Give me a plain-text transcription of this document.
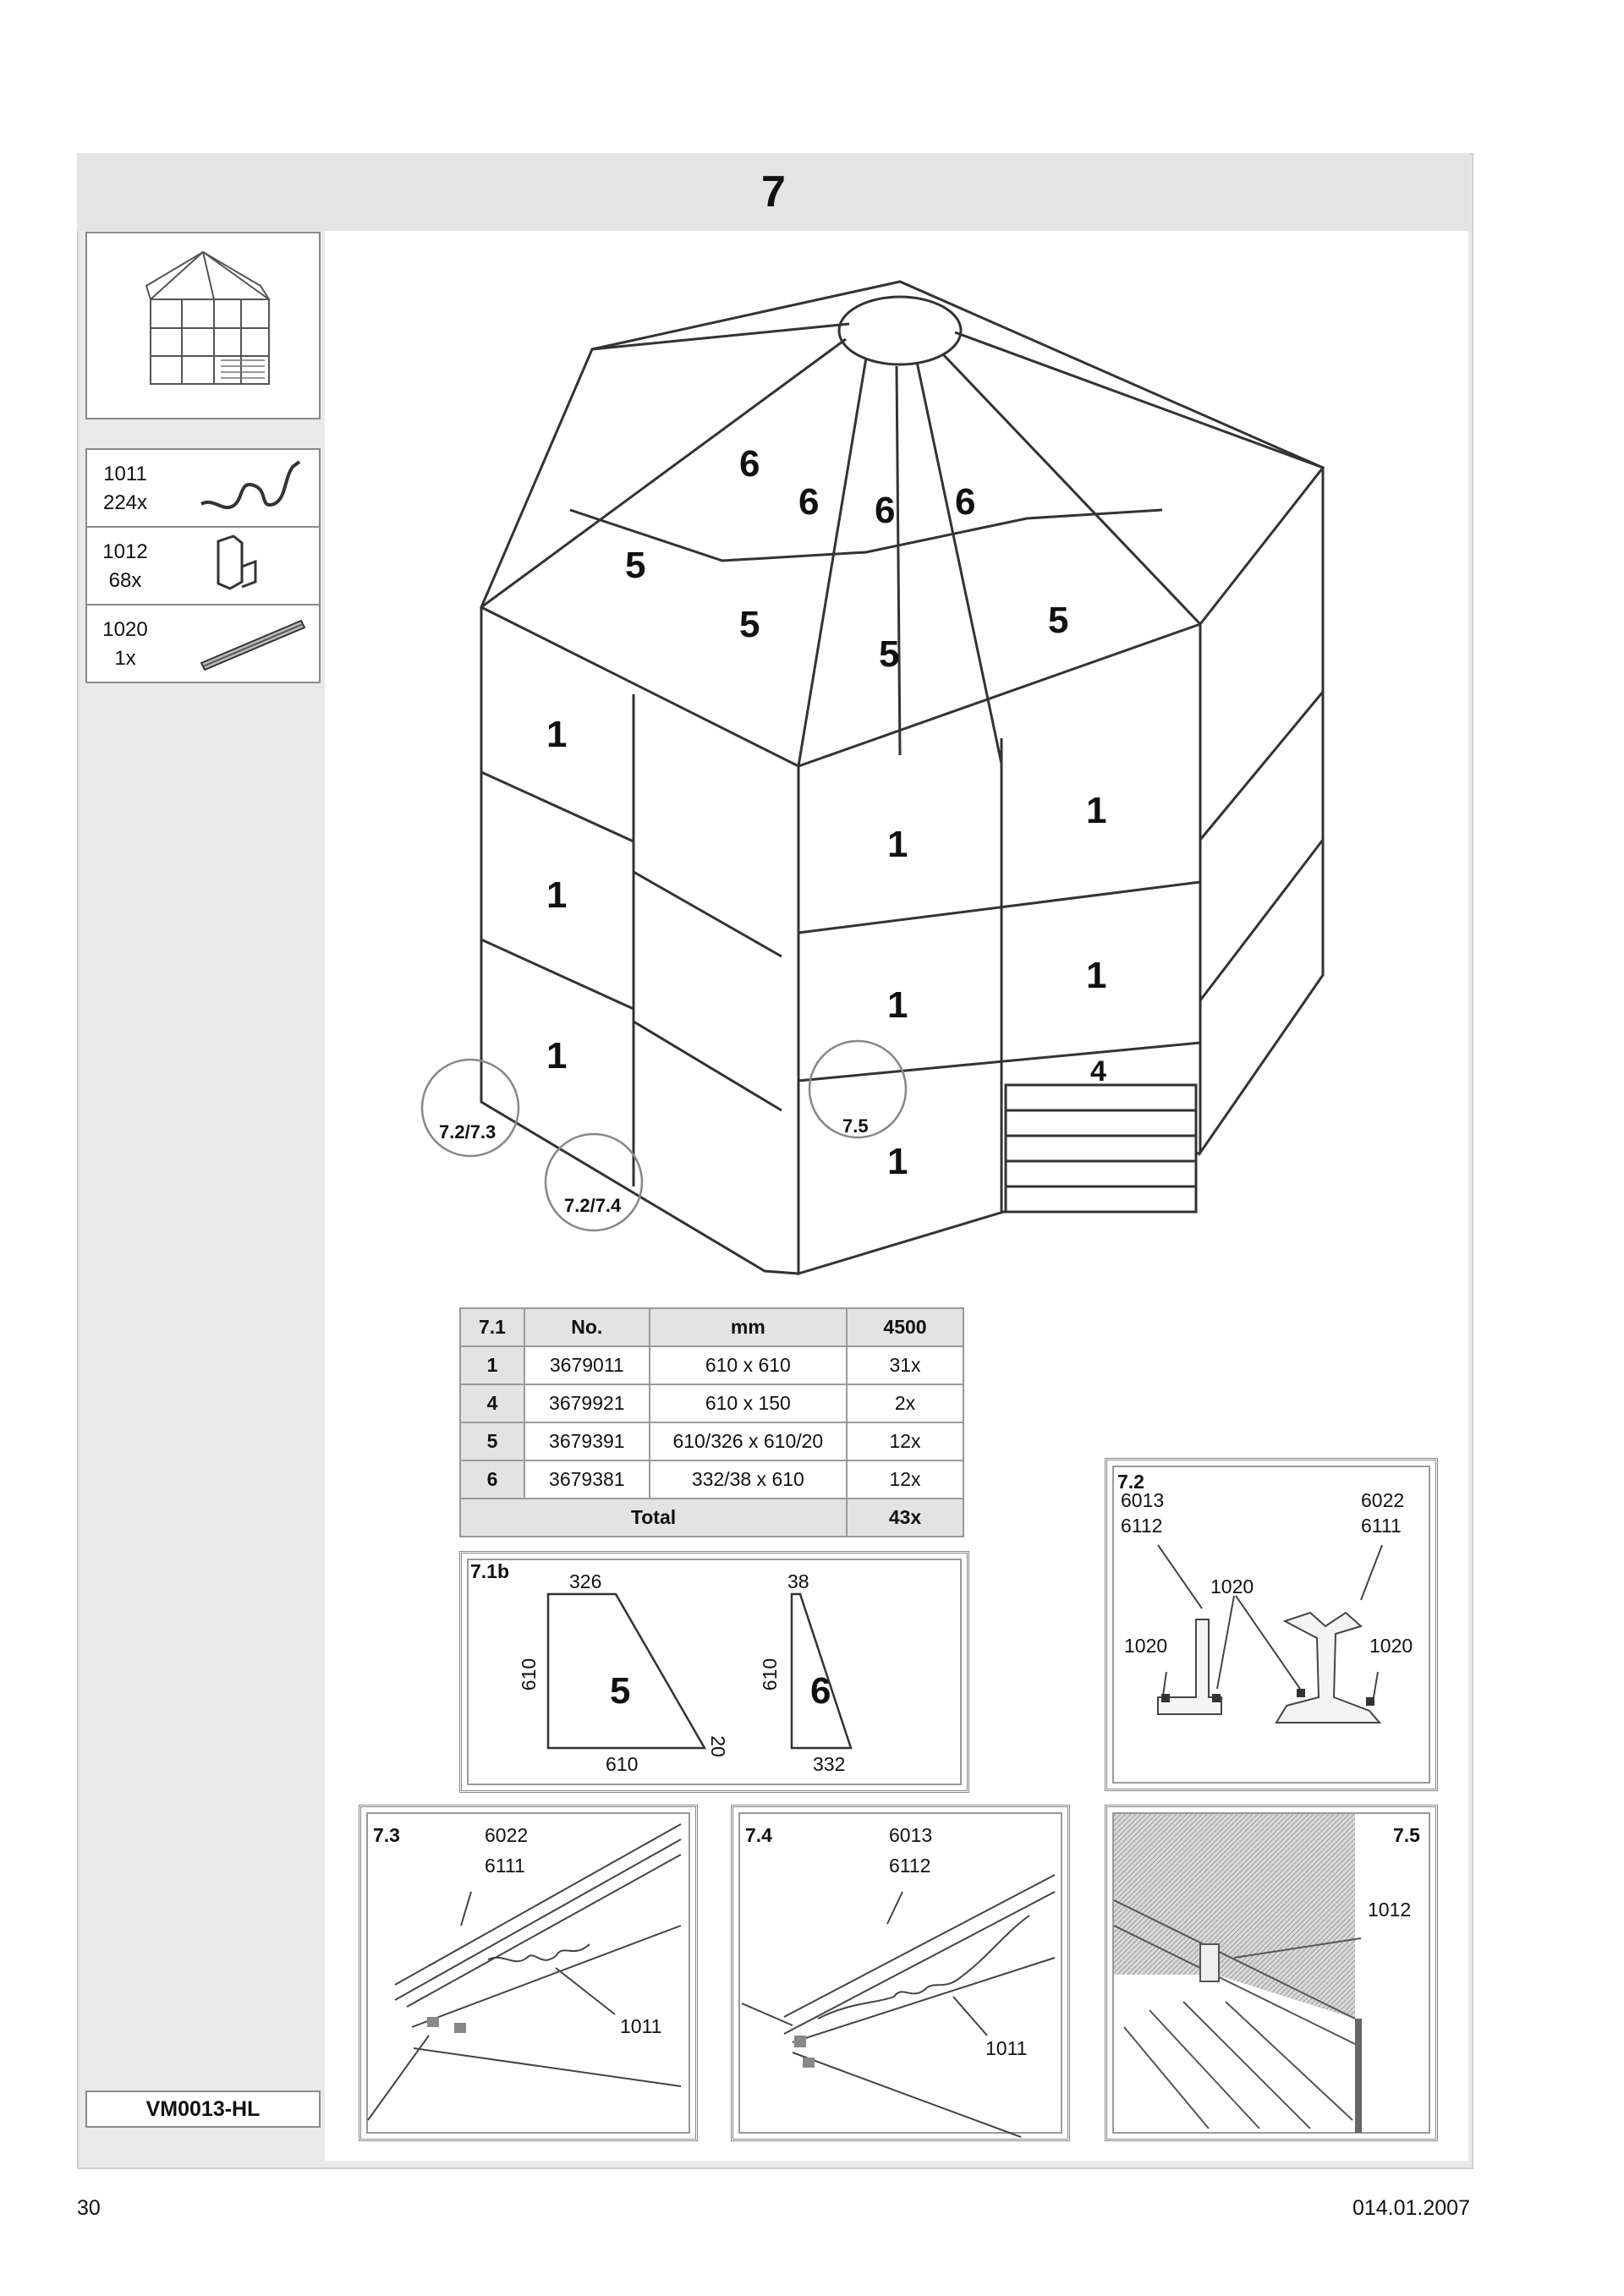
7
1011
224x
1012
68x
1020
1x
VM0013-HL
6
6 6 6
5
5
5
5
1
1
1
1
1
1
1
1
4
7.2/7.3
7.2/7.4
7.5
7.1	No.	mm	4500
1	3679011	610 x 610	31x
4	3679921	610 x 150	2x
5	3679391	610/326 x 610/20	12x
6	3679381	332/38 x 610	12x
Total			43x
7.1b	326
610
610
20
5
38
610
332
6
7.2
6013
6112
6022
6111
1020
1020	1020
7.3	6022
6111
1011
7.4	6013
6112
1011
7.5
1012
30	014.01.2007
